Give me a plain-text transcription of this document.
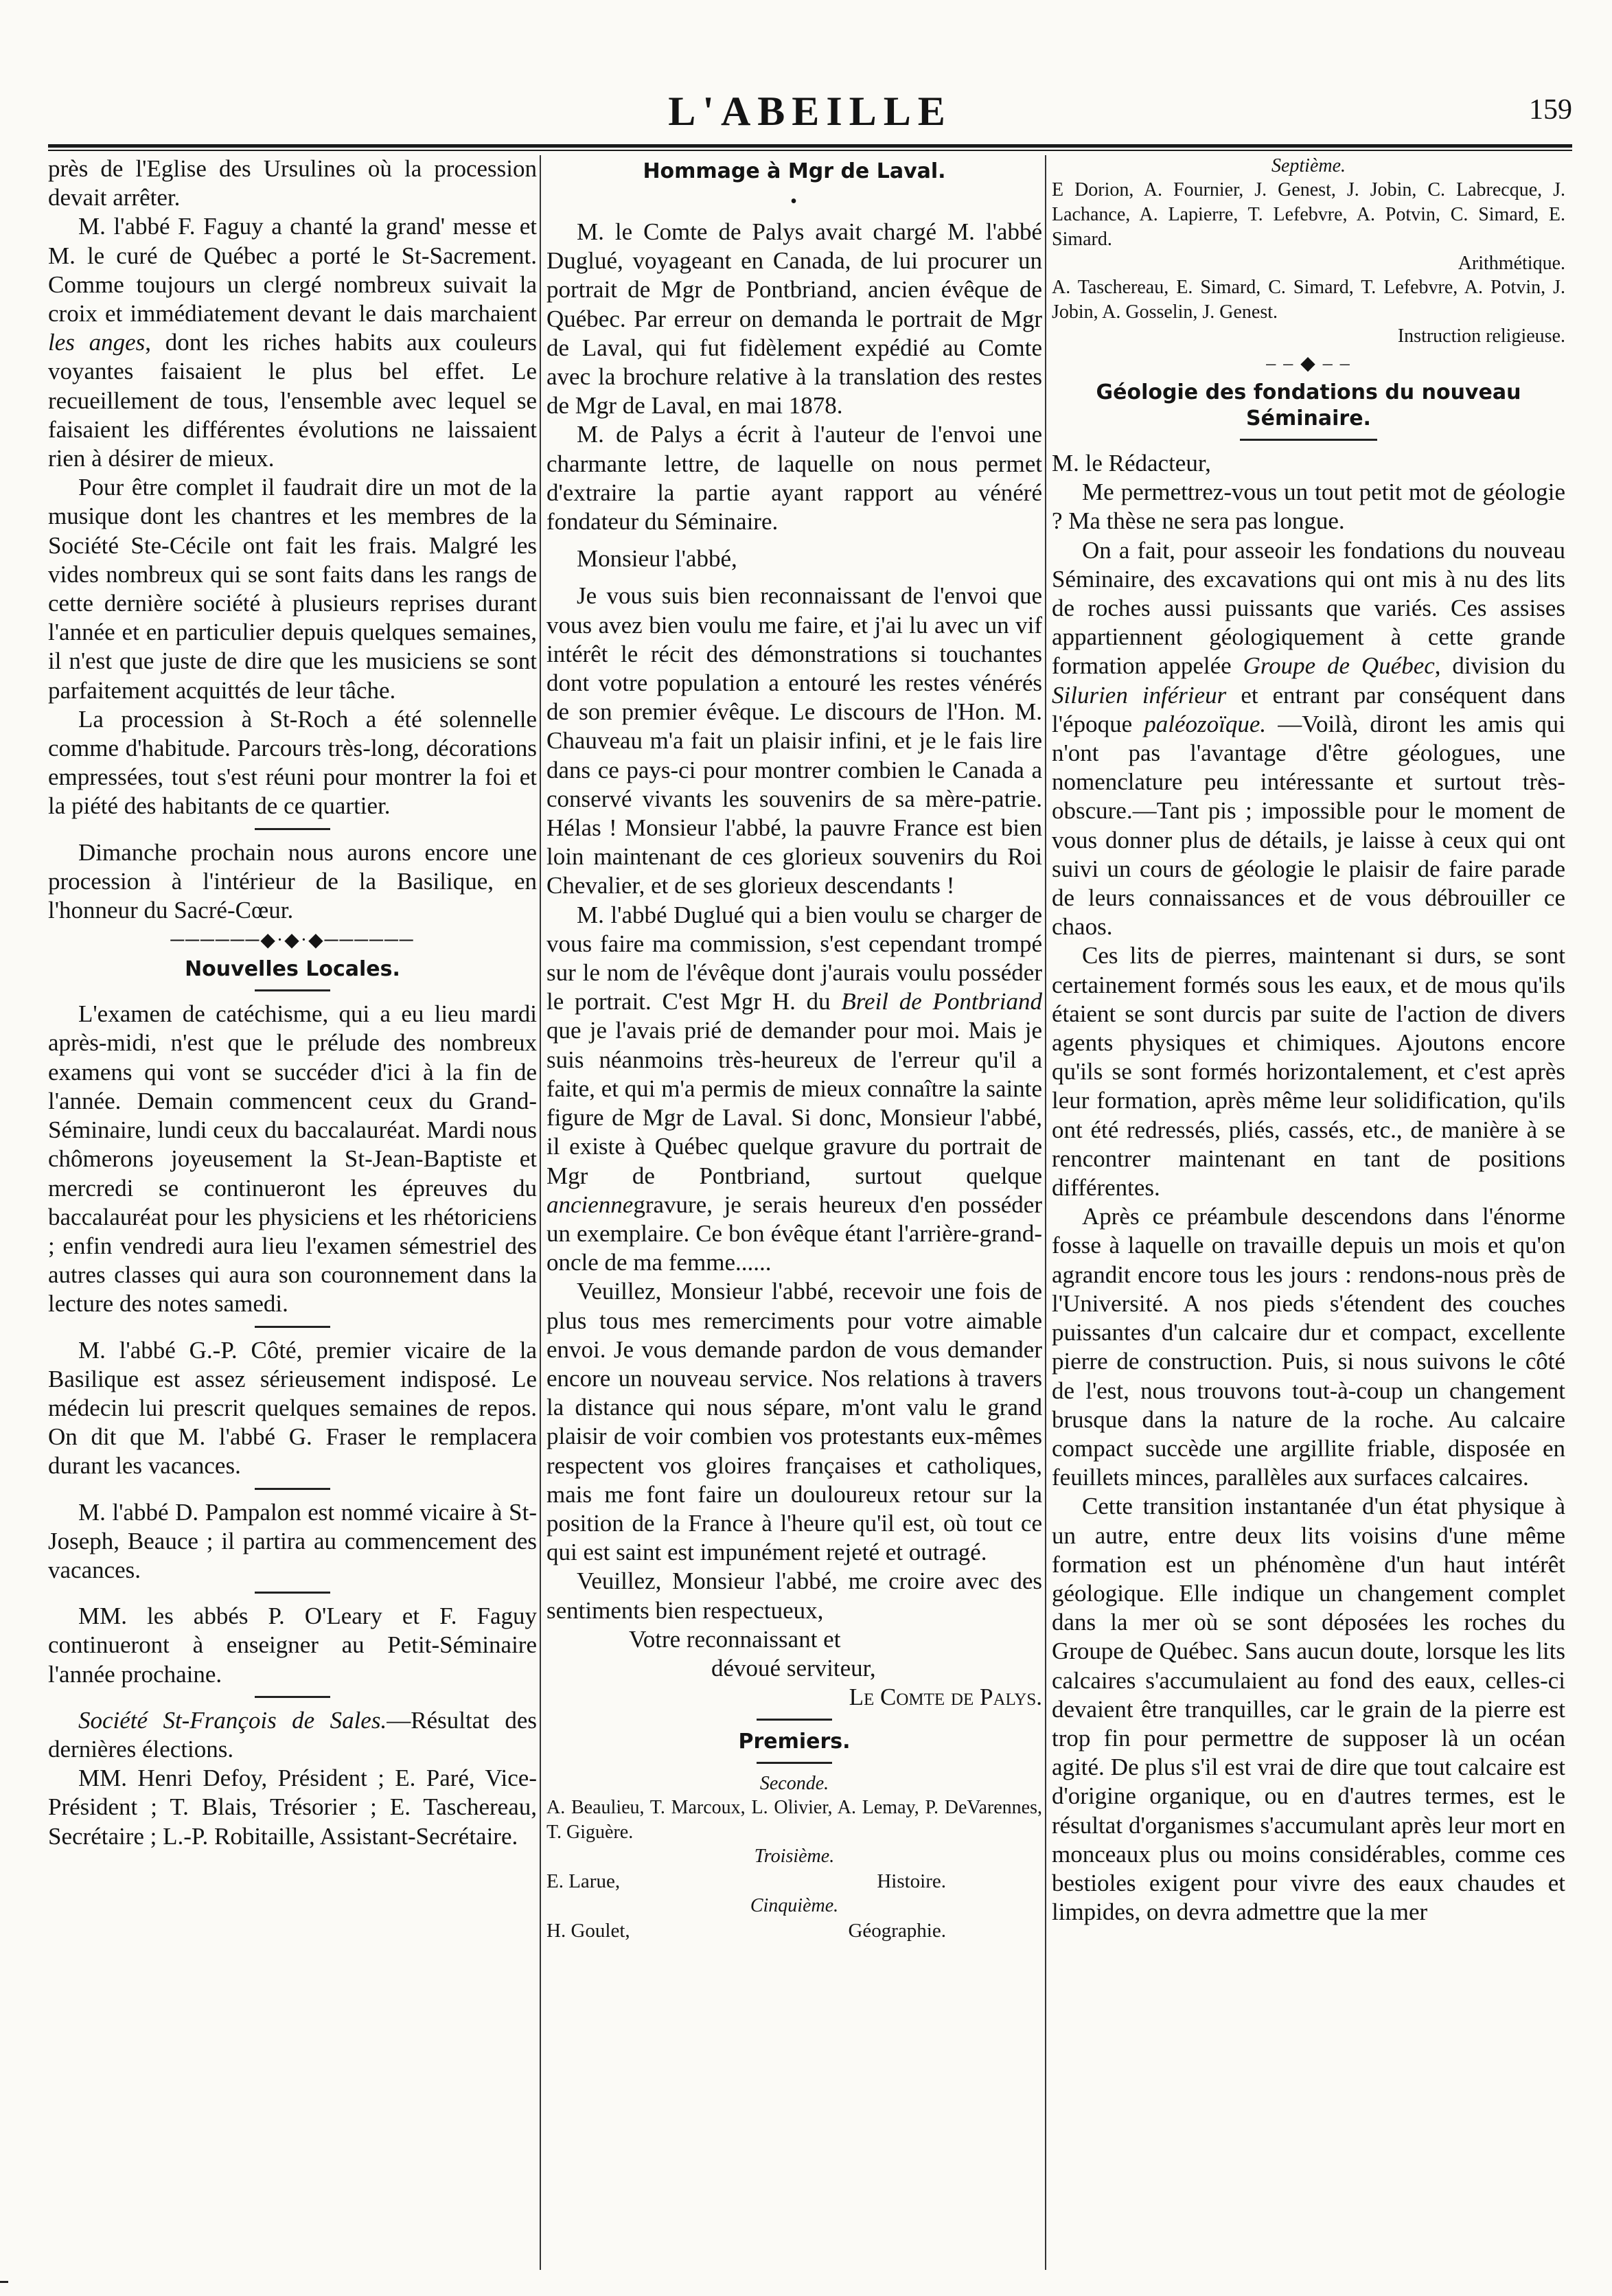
L'ABEILLE	159

près de l'Eglise des Ursulines où la procession devait arrêter.

M. l'abbé F. Faguy a chanté la grand' messe et M. le curé de Québec a porté le St-Sacrement. Comme toujours un clergé nombreux suivait la croix et immédiatement devant le dais marchaient les anges, dont les riches habits aux couleurs voyantes faisaient le plus bel effet. Le recueillement de tous, l'ensemble avec lequel se faisaient les différentes évolutions ne laissaient rien à désirer de mieux.

Pour être complet il faudrait dire un mot de la musique dont les chantres et les membres de la Société Ste-Cécile ont fait les frais. Malgré les vides nombreux qui se sont faits dans les rangs de cette dernière société à plusieurs reprises durant l'année et en particulier depuis quelques semaines, il n'est que juste de dire que les musiciens se sont parfaitement acquittés de leur tâche.

La procession à St-Roch a été solennelle comme d'habitude. Parcours très-long, décorations empressées, tout s'est réuni pour montrer la foi et la piété des habitants de ce quartier.

Dimanche prochain nous aurons encore une procession à l'intérieur de la Basilique, en l'honneur du Sacré-Cœur.

──────◆·◆·◆──────
Nouvelles Locales.

L'examen de catéchisme, qui a eu lieu mardi après-midi, n'est que le prélude des nombreux examens qui vont se succéder d'ici à la fin de l'année. Demain commencent ceux du Grand-Séminaire, lundi ceux du baccalauréat. Mardi nous chômerons joyeusement la St-Jean-Baptiste et mercredi se continueront les épreuves du baccalauréat pour les physiciens et les rhétoriciens ; enfin vendredi aura lieu l'examen sémestriel des autres classes qui aura son couronnement dans la lecture des notes samedi.

M. l'abbé G.-P. Côté, premier vicaire de la Basilique est assez sérieusement indisposé. Le médecin lui prescrit quelques semaines de repos. On dit que M. l'abbé G. Fraser le remplacera durant les vacances.

M. l'abbé D. Pampalon est nommé vicaire à St-Joseph, Beauce ; il partira au commencement des vacances.

MM. les abbés P. O'Leary et F. Faguy continueront à enseigner au Petit-Séminaire l'année prochaine.

Société St-François de Sales.—Résultat des dernières élections.

MM. Henri Defoy, Président ; E. Paré, Vice-Président ; T. Blais, Trésorier ; E. Taschereau, Secrétaire ; L.-P. Robitaille, Assistant-Secrétaire.

Hommage à Mgr de Laval.
•

M. le Comte de Palys avait chargé M. l'abbé Duglué, voyageant en Canada, de lui procurer un portrait de Mgr de Pontbriand, ancien évêque de Québec. Par erreur on demanda le portrait de Mgr de Laval, qui fut fidèlement expédié au Comte avec la brochure relative à la translation des restes de Mgr de Laval, en mai 1878.

M. de Palys a écrit à l'auteur de l'envoi une charmante lettre, de laquelle on nous permet d'extraire la partie ayant rapport au vénéré fondateur du Séminaire.

Monsieur l'abbé,

Je vous suis bien reconnaissant de l'envoi que vous avez bien voulu me faire, et j'ai lu avec un vif intérêt le récit des démonstrations si touchantes dont votre population a entouré les restes vénérés de son premier évêque. Le discours de l'Hon. M. Chauveau m'a fait un plaisir infini, et je le fais lire dans ce pays-ci pour montrer combien le Canada a conservé vivants les souvenirs de sa mère-patrie. Hélas ! Monsieur l'abbé, la pauvre France est bien loin maintenant de ces glorieux souvenirs du Roi Chevalier, et de ses glorieux descendants !

M. l'abbé Duglué qui a bien voulu se charger de vous faire ma commission, s'est cependant trompé sur le nom de l'évêque dont j'aurais voulu posséder le portrait. C'est Mgr H. du Breil de Pontbriand que je l'avais prié de demander pour moi. Mais je suis néanmoins très-heureux de l'erreur qu'il a faite, et qui m'a permis de mieux connaître la sainte figure de Mgr de Laval. Si donc, Monsieur l'abbé, il existe à Québec quelque gravure du portrait de Mgr de Pontbriand, surtout quelque anciennegravure, je serais heureux d'en posséder un exemplaire. Ce bon évêque étant l'arrière-grand-oncle de ma femme......

Veuillez, Monsieur l'abbé, recevoir une fois de plus tous mes remerciments pour votre aimable envoi. Je vous demande pardon de vous demander encore un nouveau service. Nos relations à travers la distance qui nous sépare, m'ont valu le grand plaisir de voir combien vos protestants eux-mêmes respectent vos gloires françaises et catholiques, mais me font faire un douloureux retour sur la position de la France à l'heure qu'il est, où tout ce qui est saint est impunément rejeté et outragé.

Veuillez, Monsieur l'abbé, me croire avec des sentiments bien respectueux,

Votre reconnaissant et

dévoué serviteur,

Le Comte de Palys.

Premiers.
Seconde.

A. Beaulieu, T. Marcoux, L. Olivier, A. Lemay, P. DeVarennes, T. Giguère.

Troisième.
E. Larue,	Histoire.
Cinquième.
H. Goulet,	Géographie.
Septième.

E Dorion, A. Fournier, J. Genest, J. Jobin, C. Labrecque, J. Lachance, A. Lapierre, T. Lefebvre, A. Potvin, C. Simard, E. Simard.

Arithmétique.

A. Taschereau, E. Simard, C. Simard, T. Lefebvre, A. Potvin, J. Jobin, A. Gosselin, J. Genest.

Instruction religieuse.
– – ◆ – –
Géologie des fondations du nouveau Séminaire.

M. le Rédacteur,

Me permettrez-vous un tout petit mot de géologie ? Ma thèse ne sera pas longue.

On a fait, pour asseoir les fondations du nouveau Séminaire, des excavations qui ont mis à nu des lits de roches aussi puissants que variés. Ces assises appartiennent géologiquement à cette grande formation appelée Groupe de Québec, division du Silurien inférieur et entrant par conséquent dans l'époque paléozoïque. —Voilà, diront les amis qui n'ont pas l'avantage d'être géologues, une nomenclature peu intéressante et surtout très-obscure.—Tant pis ; impossible pour le moment de vous donner plus de détails, je laisse à ceux qui ont suivi un cours de géologie le plaisir de faire parade de leurs connaissances et de vous débrouiller ce chaos.

Ces lits de pierres, maintenant si durs, se sont certainement formés sous les eaux, et de mous qu'ils étaient se sont durcis par suite de l'action de divers agents physiques et chimiques. Ajoutons encore qu'ils se sont formés horizontalement, et c'est après leur formation, après même leur solidification, qu'ils ont été redressés, pliés, cassés, etc., de manière à se rencontrer maintenant en tant de positions différentes.

Après ce préambule descendons dans l'énorme fosse à laquelle on travaille depuis un mois et qu'on agrandit encore tous les jours : rendons-nous près de l'Université. A nos pieds s'étendent des couches puissantes d'un calcaire dur et compact, excellente pierre de construction. Puis, si nous suivons le côté de l'est, nous trouvons tout-à-coup un changement brusque dans la nature de la roche. Au calcaire compact succède une argillite friable, disposée en feuillets minces, parallèles aux surfaces calcaires.

Cette transition instantanée d'un état physique à un autre, entre deux lits voisins d'une même formation est un phénomène d'un haut intérêt géologique. Elle indique un changement complet dans la mer où se sont déposées les roches du Groupe de Québec. Sans aucun doute, lorsque les lits calcaires s'accumulaient au fond des eaux, celles-ci devaient être tranquilles, car le grain de la pierre est trop fin pour permettre de supposer là un océan agité. De plus s'il est vrai de dire que tout calcaire est d'origine organique, ou en d'autres termes, est le résultat d'organismes s'accumulant après leur mort en monceaux plus ou moins considérables, comme ces bestioles exigent pour vivre des eaux chaudes et limpides, on devra admettre que la mer
